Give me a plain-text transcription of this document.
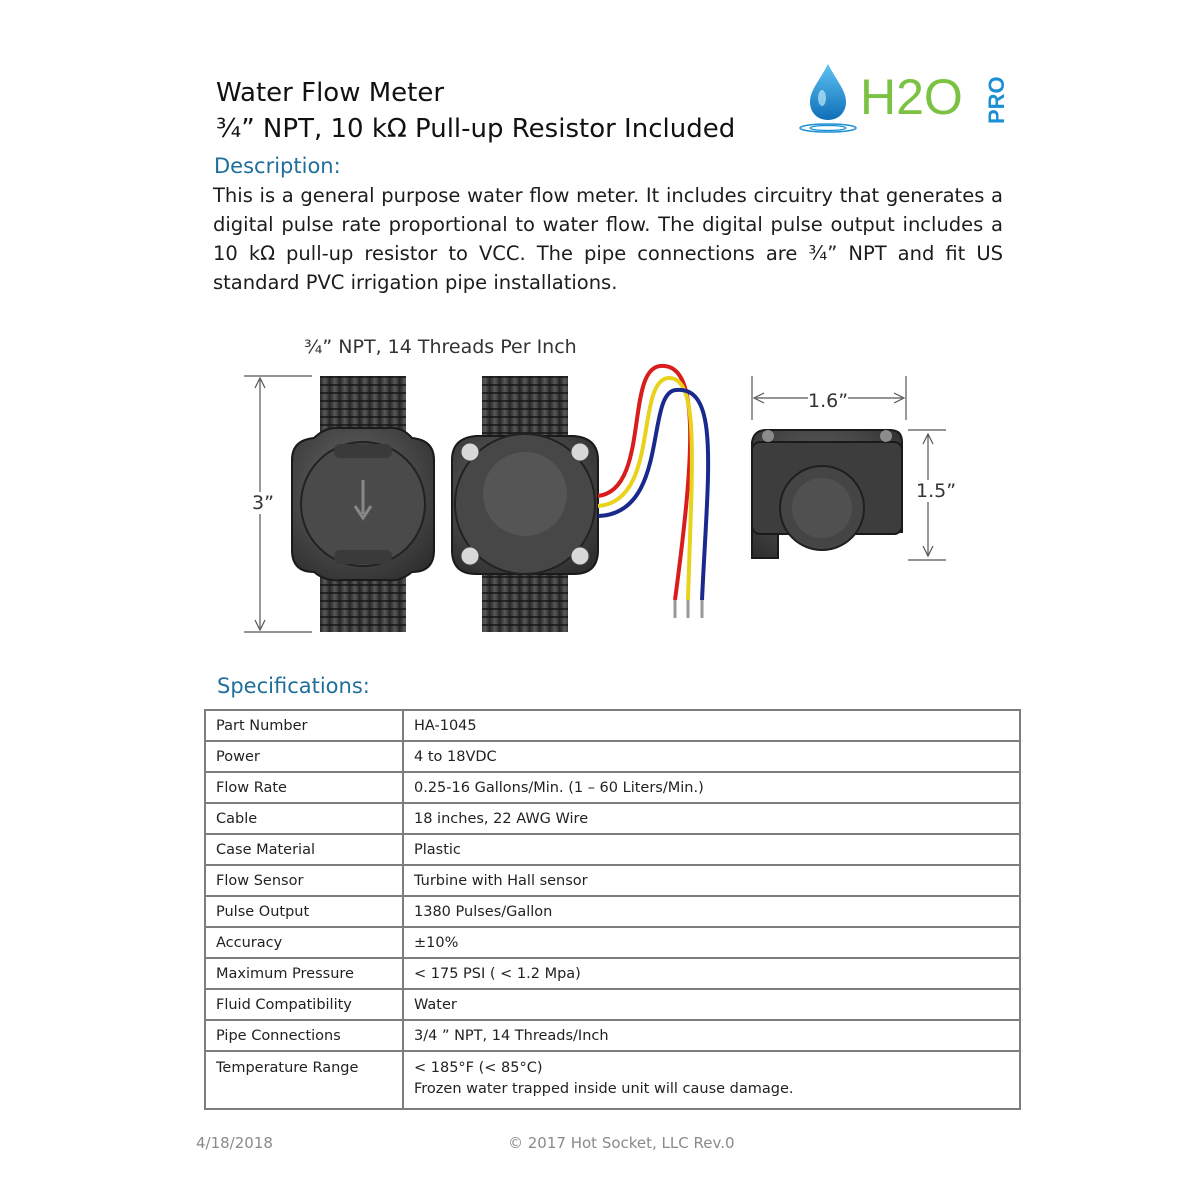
Water Flow Meter
¾” NPT, 10 kΩ Pull-up Resistor Included
H2O PRO
Description:
This is a general purpose water flow meter. It includes circuitry that generates a digital pulse rate proportional to water flow. The digital pulse output includes a 10 kΩ pull-up resistor to VCC. The pipe connections are ¾” NPT and fit US standard PVC irrigation pipe installations.
¾” NPT, 14 Threads Per Inch
3”
1.6”
1.5”
Specifications:
Part Number	HA-1045
Power	4 to 18VDC
Flow Rate	0.25-16 Gallons/Min. (1 – 60 Liters/Min.)
Cable	18 inches, 22 AWG Wire
Case Material	Plastic
Flow Sensor	Turbine with Hall sensor
Pulse Output	1380 Pulses/Gallon
Accuracy	±10%
Maximum Pressure	< 175 PSI ( < 1.2 Mpa)
Fluid Compatibility	Water
Pipe Connections	3/4 ” NPT, 14 Threads/Inch
Temperature Range	< 185°F (< 85°C)
Frozen water trapped inside unit will cause damage.
4/18/2018	© 2017 Hot Socket, LLC Rev.0
